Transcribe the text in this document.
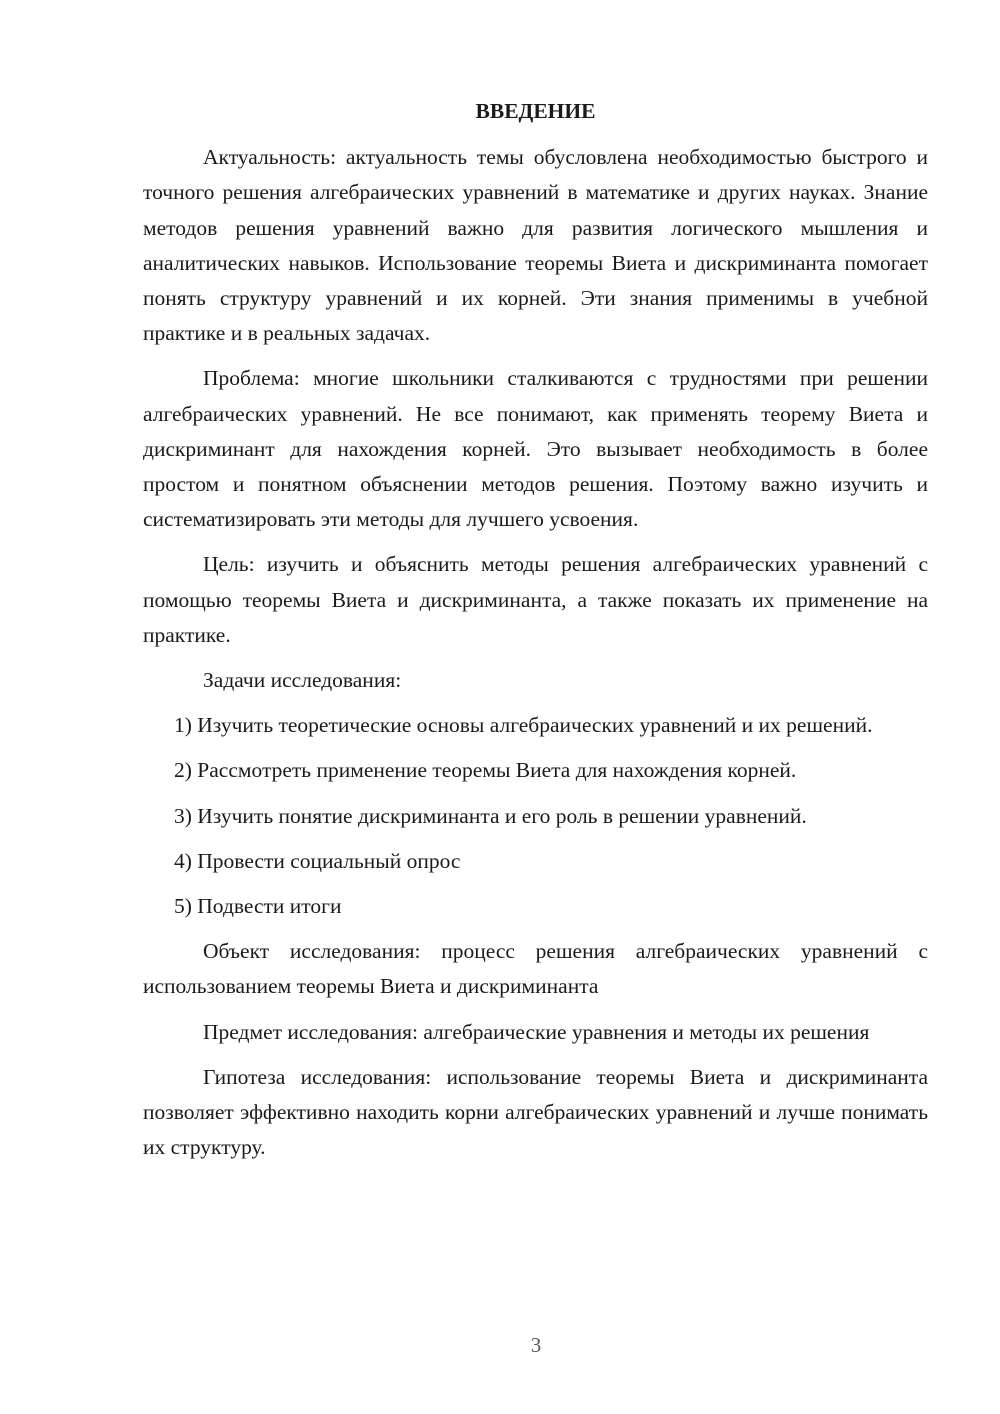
ВВЕДЕНИЕ

Актуальность: актуальность темы обусловлена необходимостью быстрого и точного решения алгебраических уравнений в математике и других науках. Знание методов решения уравнений важно для развития логического мышления и аналитических навыков. Использование теоремы Виета и дискриминанта помогает понять структуру уравнений и их корней. Эти знания применимы в учебной практике и в реальных задачах.

Проблема: многие школьники сталкиваются с трудностями при решении алгебраических уравнений. Не все понимают, как применять теорему Виета и дискриминант для нахождения корней. Это вызывает необходимость в более простом и понятном объяснении методов решения. Поэтому важно изучить и систематизировать эти методы для лучшего усвоения.

Цель: изучить и объяснить методы решения алгебраических уравнений с помощью теоремы Виета и дискриминанта, а также показать их применение на практике.

Задачи исследования:

1) Изучить теоретические основы алгебраических уравнений и их решений.

2) Рассмотреть применение теоремы Виета для нахождения корней.

3) Изучить понятие дискриминанта и его роль в решении уравнений.

4) Провести социальный опрос

5) Подвести итоги

Объект исследования: процесс решения алгебраических уравнений с использованием теоремы Виета и дискриминанта

Предмет исследования: алгебраические уравнения и методы их решения

Гипотеза исследования: использование теоремы Виета и дискриминанта позволяет эффективно находить корни алгебраических уравнений и лучше понимать их структуру.

3
